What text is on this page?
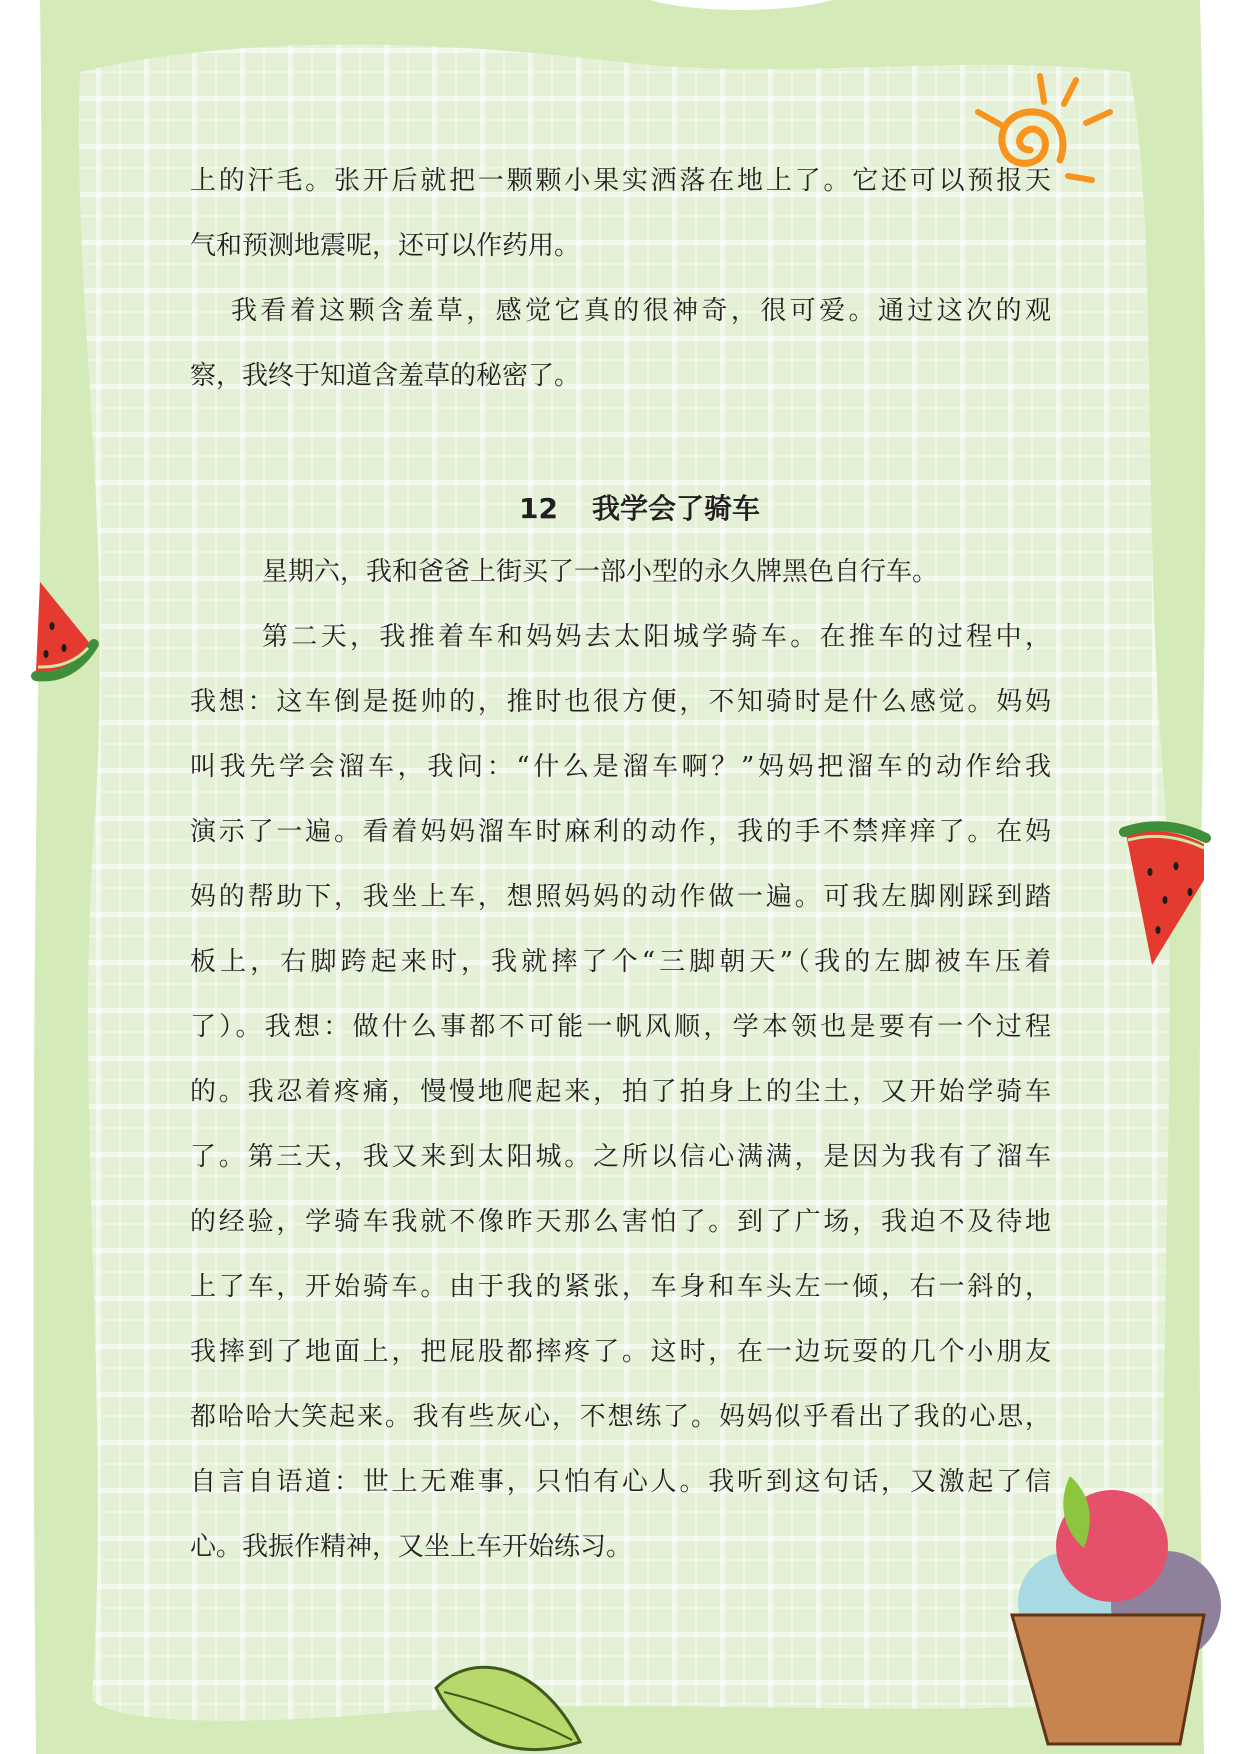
上的汗毛。张开后就把一颗颗小果实洒落在地上了。它还可以预报天
气和预测地震呢，还可以作药用。
我看着这颗含羞草，感觉它真的很神奇，很可爱。通过这次的观
察，我终于知道含羞草的秘密了。
12 我学会了骑车
星期六，我和爸爸上街买了一部小型的永久牌黑色自行车。
第二天，我推着车和妈妈去太阳城学骑车。在推车的过程中，
我想：这车倒是挺帅的，推时也很方便，不知骑时是什么感觉。妈妈
叫我先学会溜车，我问：“什么是溜车啊？”妈妈把溜车的动作给我
演示了一遍。看着妈妈溜车时麻利的动作，我的手不禁痒痒了。在妈
妈的帮助下，我坐上车，想照妈妈的动作做一遍。可我左脚刚踩到踏
板上，右脚跨起来时，我就摔了个“三脚朝天”（我的左脚被车压着
了）。我想：做什么事都不可能一帆风顺，学本领也是要有一个过程
的。我忍着疼痛，慢慢地爬起来，拍了拍身上的尘土，又开始学骑车
了。第三天，我又来到太阳城。之所以信心满满，是因为我有了溜车
的经验，学骑车我就不像昨天那么害怕了。到了广场，我迫不及待地
上了车，开始骑车。由于我的紧张，车身和车头左一倾，右一斜的，
我摔到了地面上，把屁股都摔疼了。这时，在一边玩耍的几个小朋友
都哈哈大笑起来。我有些灰心，不想练了。妈妈似乎看出了我的心思，
自言自语道：世上无难事，只怕有心人。我听到这句话，又激起了信
心。我振作精神，又坐上车开始练习。
